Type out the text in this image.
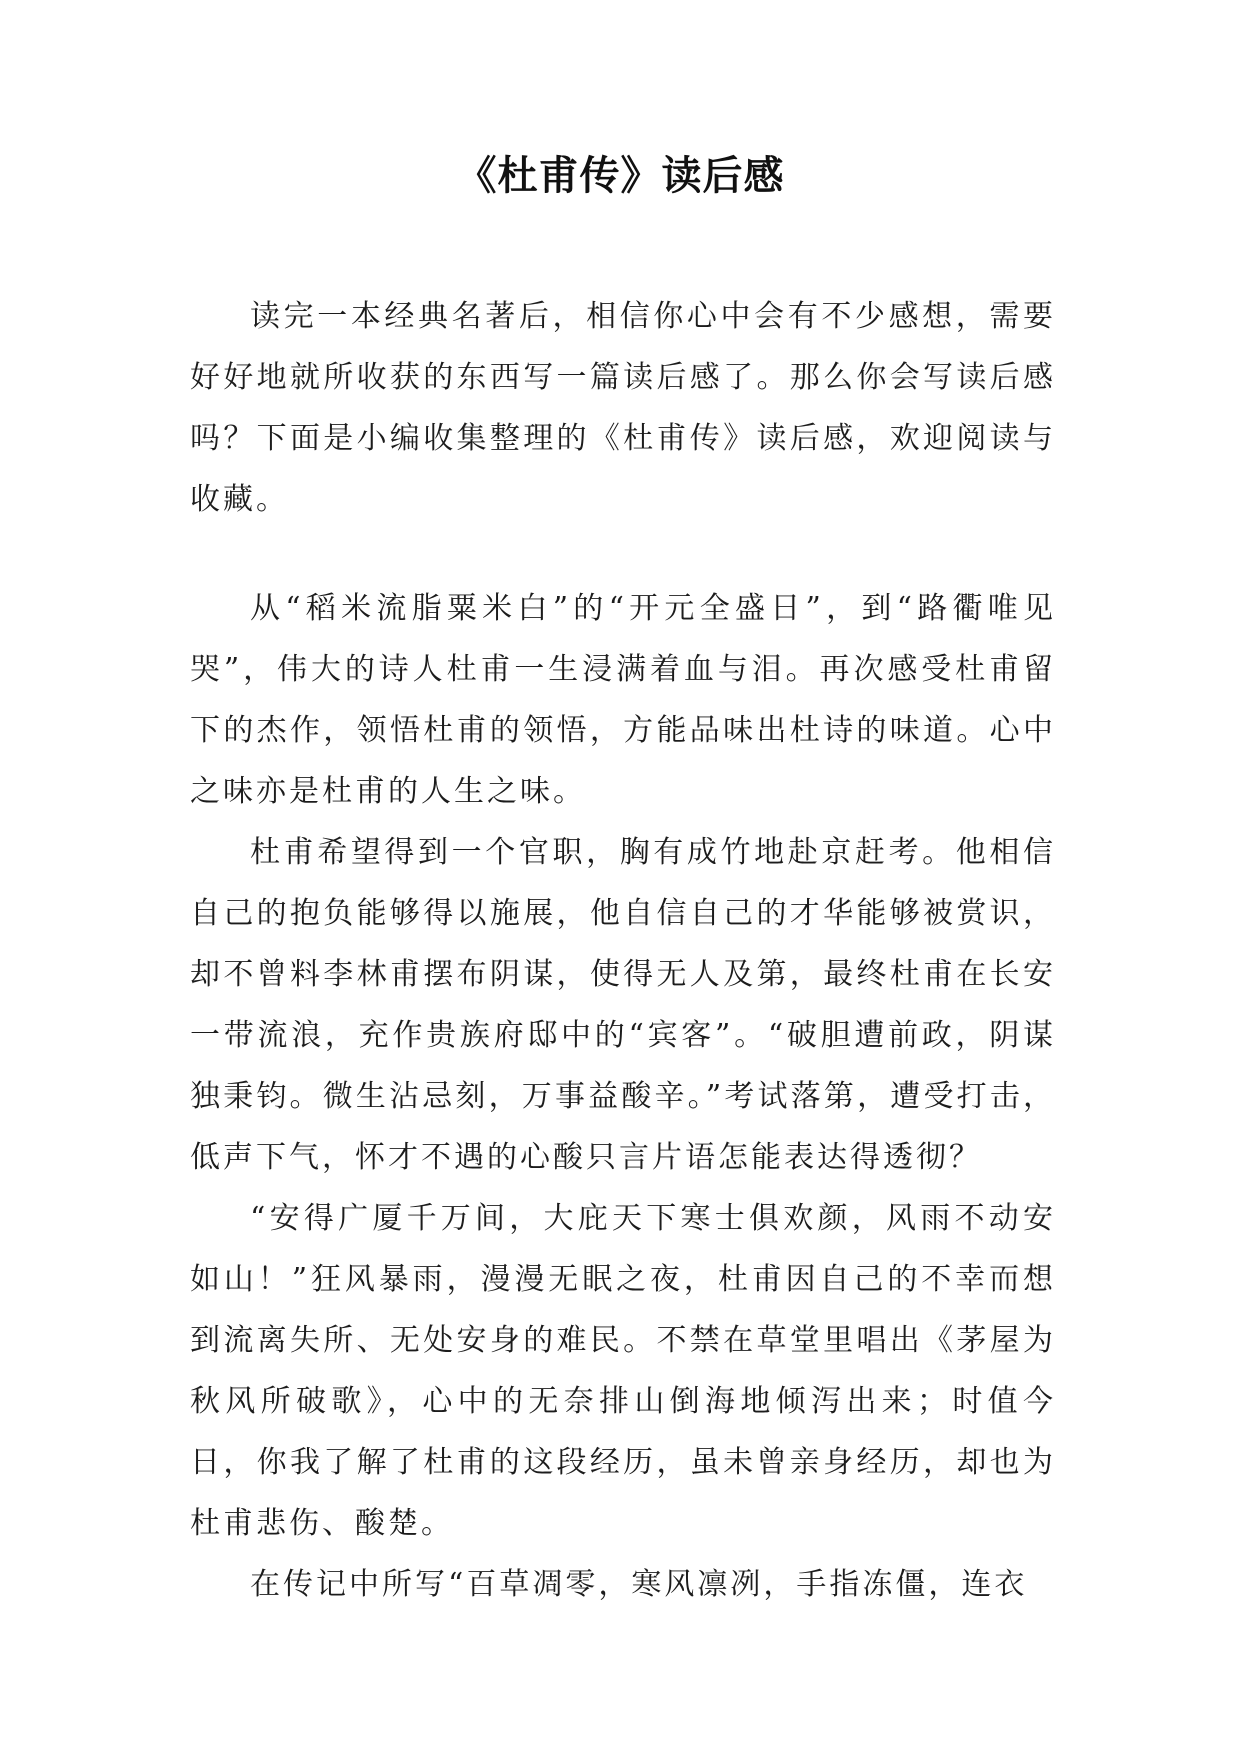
《杜甫传》读后感

读完一本经典名著后，相信你心中会有不少感想，需要好好地就所收获的东西写一篇读后感了。那么你会写读后感吗？下面是小编收集整理的《杜甫传》读后感，欢迎阅读与收藏。

从“稻米流脂粟米白”的“开元全盛日”，到“路衢唯见哭”，伟大的诗人杜甫一生浸满着血与泪。再次感受杜甫留下的杰作，领悟杜甫的领悟，方能品味出杜诗的味道。心中之味亦是杜甫的人生之味。

杜甫希望得到一个官职，胸有成竹地赴京赶考。他相信自己的抱负能够得以施展，他自信自己的才华能够被赏识，却不曾料李林甫摆布阴谋，使得无人及第，最终杜甫在长安一带流浪，充作贵族府邸中的“宾客”。“破胆遭前政，阴谋独秉钧。微生沾忌刻，万事益酸辛。”考试落第，遭受打击，低声下气，怀才不遇的心酸只言片语怎能表达得透彻？

“安得广厦千万间，大庇天下寒士俱欢颜，风雨不动安如山！”狂风暴雨，漫漫无眠之夜，杜甫因自己的不幸而想到流离失所、无处安身的难民。不禁在草堂里唱出《茅屋为秋风所破歌》，心中的无奈排山倒海地倾泻出来；时值今日，你我了解了杜甫的这段经历，虽未曾亲身经历，却也为杜甫悲伤、酸楚。

在传记中所写“百草凋零，寒风凛冽，手指冻僵，连衣
